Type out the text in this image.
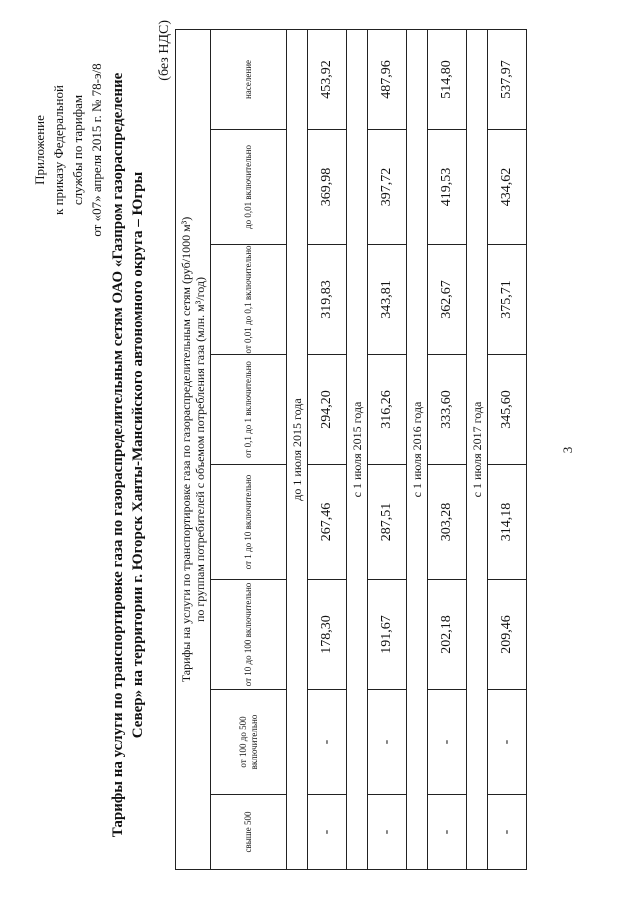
Приложение к приказу Федеральной службы по тарифам от «07» апреля 2015 г. № 78-э/8 Тарифы на услуги по транспортировке газа по газораспределительным сетям ОАО «Газпром газораспределение Север» на территории г. Югорск Ханты-Мансийского автономного округа – Югры
(без НДС)
Тарифы на услуги по транспортировке газа по газораспределительным сетям (руб/1000 м³) по группам потребителей с объемом потребления газа (млн. м³/год)							

свыше 500	от 100 до 500 включительно	от 10 до 100 включительно	от 1 до 10 включительно	от 0,1 до 1 включительно	от 0,01 до 0,1 включительно	до 0,01 включительно	население
до 1 июля 2015 года							
-	-	178,30	267,46	294,20	319,83	369,98	453,92
с 1 июля 2015 года							
-	-	191,67	287,51	316,26	343,81	397,72	487,96
с 1 июля 2016 года							
-	-	202,18	303,28	333,60	362,67	419,53	514,80
с 1 июля 2017 года							
-	-	209,46	314,18	345,60	375,71	434,62	537,97
3
